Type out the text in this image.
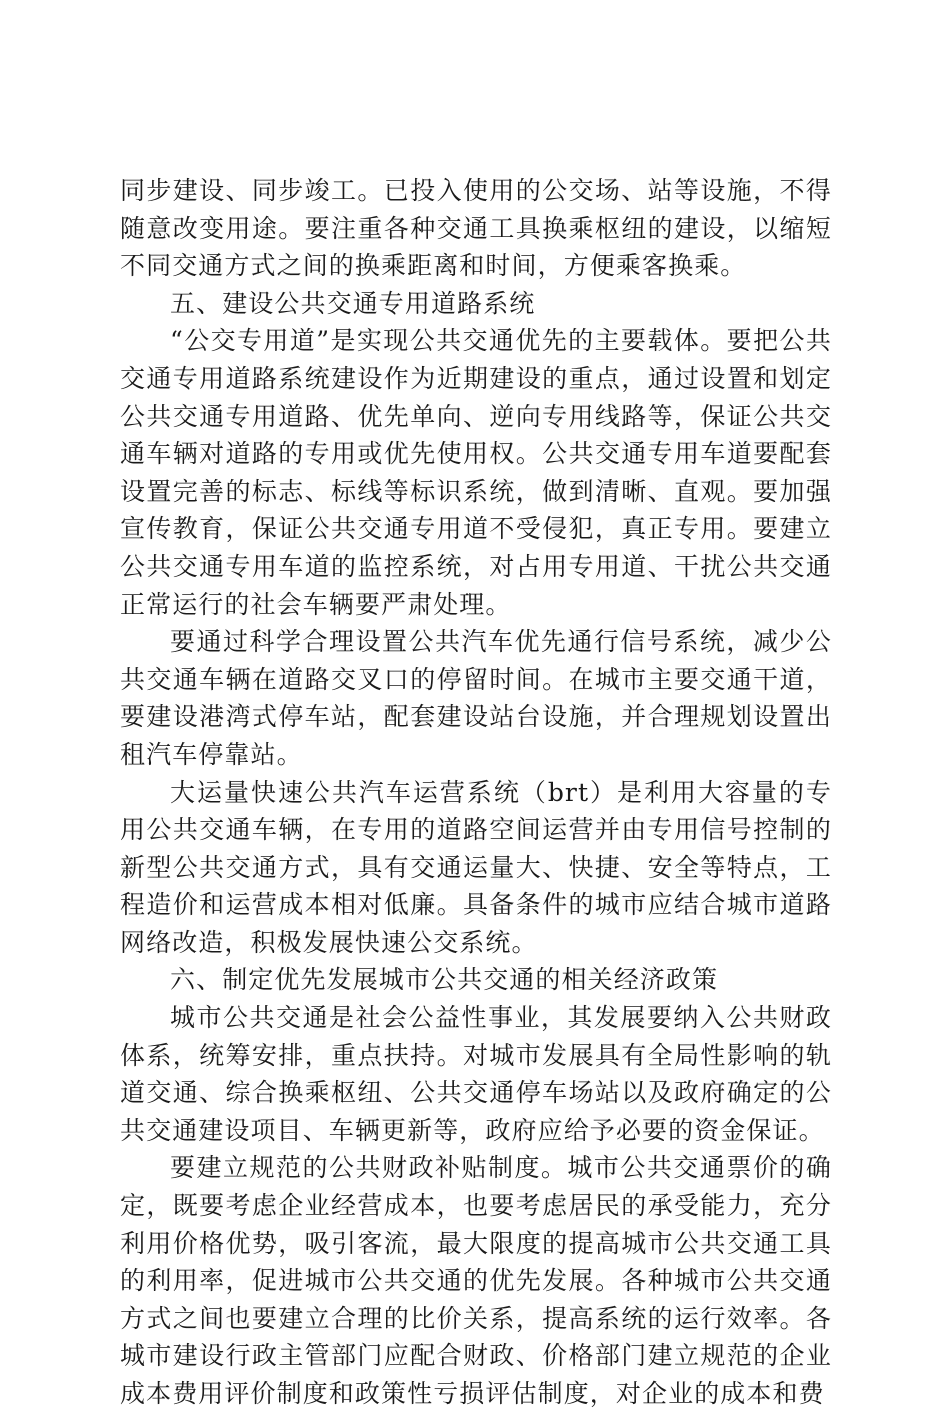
同步建设、同步竣工。已投入使用的公交场、站等设施，不得随意改变用途。要注重各种交通工具换乘枢纽的建设，以缩短不同交通方式之间的换乘距离和时间，方便乘客换乘。

五、建设公共交通专用道路系统

“公交专用道”是实现公共交通优先的主要载体。要把公共交通专用道路系统建设作为近期建设的重点，通过设置和划定公共交通专用道路、优先单向、逆向专用线路等，保证公共交通车辆对道路的专用或优先使用权。公共交通专用车道要配套设置完善的标志、标线等标识系统，做到清晰、直观。要加强宣传教育，保证公共交通专用道不受侵犯，真正专用。要建立公共交通专用车道的监控系统，对占用专用道、干扰公共交通正常运行的社会车辆要严肃处理。

要通过科学合理设置公共汽车优先通行信号系统，减少公共交通车辆在道路交叉口的停留时间。在城市主要交通干道，要建设港湾式停车站，配套建设站台设施，并合理规划设置出租汽车停靠站。

大运量快速公共汽车运营系统（brt）是利用大容量的专用公共交通车辆，在专用的道路空间运营并由专用信号控制的新型公共交通方式，具有交通运量大、快捷、安全等特点，工程造价和运营成本相对低廉。具备条件的城市应结合城市道路网络改造，积极发展快速公交系统。

六、制定优先发展城市公共交通的相关经济政策

城市公共交通是社会公益性事业，其发展要纳入公共财政体系，统筹安排，重点扶持。对城市发展具有全局性影响的轨道交通、综合换乘枢纽、公共交通停车场站以及政府确定的公共交通建设项目、车辆更新等，政府应给予必要的资金保证。

要建立规范的公共财政补贴制度。城市公共交通票价的确定，既要考虑企业经营成本，也要考虑居民的承受能力，充分利用价格优势，吸引客流，最大限度的提高城市公共交通工具的利用率，促进城市公共交通的优先发展。各种城市公共交通方式之间也要建立合理的比价关系，提高系统的运行效率。各城市建设行政主管部门应配合财政、价格部门建立规范的企业成本费用评价制度和政策性亏损评估制度，对企业的成本和费
